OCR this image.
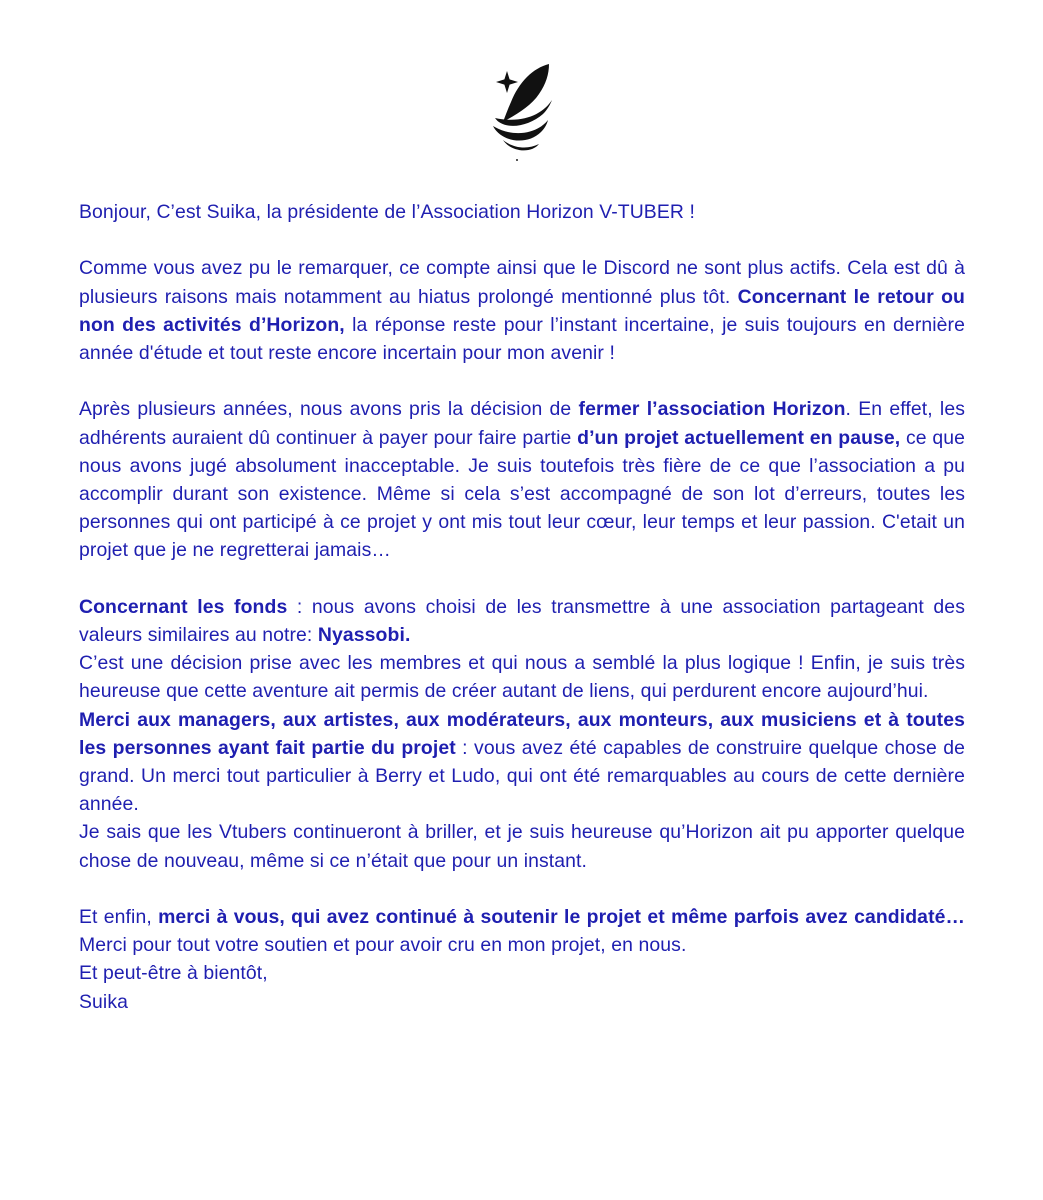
Bonjour, C’est Suika, la présidente de l’Association Horizon V-TUBER !

Comme vous avez pu le remarquer, ce compte ainsi que le Discord ne sont plus actifs. Cela est dû à plusieurs raisons mais notamment au hiatus prolongé mentionné plus tôt. Concernant le retour ou non des activités d’Horizon, la réponse reste pour l’instant incertaine, je suis toujours en dernière année d'étude et tout reste encore incertain pour mon avenir !

Après plusieurs années, nous avons pris la décision de fermer l’association Horizon. En effet, les adhérents auraient dû continuer à payer pour faire partie d’un projet actuellement en pause, ce que nous avons jugé absolument inacceptable. Je suis toutefois très fière de ce que l’association a pu accomplir durant son existence. Même si cela s’est accompagné de son lot d’erreurs, toutes les personnes qui ont participé à ce projet y ont mis tout leur cœur, leur temps et leur passion. C'etait un projet que je ne regretterai jamais…

Concernant les fonds : nous avons choisi de les transmettre à une association partageant des valeurs similaires au notre: Nyassobi.

C’est une décision prise avec les membres et qui nous a semblé la plus logique ! Enfin, je suis très heureuse que cette aventure ait permis de créer autant de liens, qui perdurent encore aujourd’hui.

Merci aux managers, aux artistes, aux modérateurs, aux monteurs, aux musiciens et à toutes les personnes ayant fait partie du projet : vous avez été capables de construire quelque chose de grand. Un merci tout particulier à Berry et Ludo, qui ont été remarquables au cours de cette dernière année.

Je sais que les Vtubers continueront à briller, et je suis heureuse qu’Horizon ait pu apporter quelque chose de nouveau, même si ce n’était que pour un instant.

Et enfin, merci à vous, qui avez continué à soutenir le projet et même parfois avez candidaté… Merci pour tout votre soutien et pour avoir cru en mon projet, en nous.

Et peut-être à bientôt,

Suika
